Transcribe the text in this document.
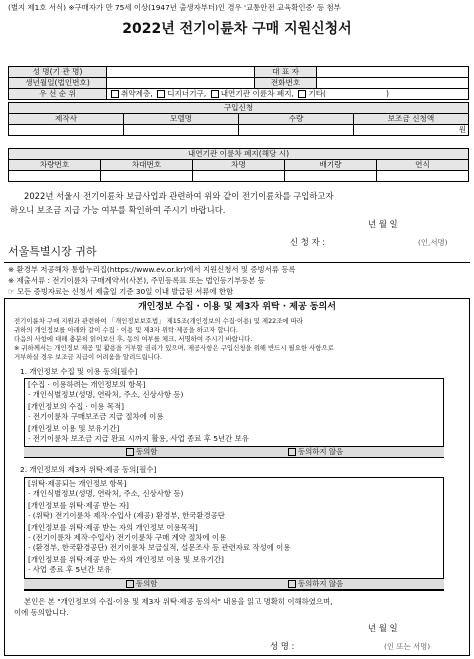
(별지 제1호 서식) ※구매자가 만 75세 이상(1947년 출생자부터)인 경우 '교통안전 교육확인증' 등 첨부
2022년 전기이륜차 구매 지원신청서
성 명(기 관 명)		대 표 자	
생년월일(법인번호)		전화번호	
우 선 순 위	취약계층, 디지너기구, 내연기관 이륜차 폐지, 기타( )		
구입신청			
제작사	모델명	수량	보조금 신청액
			원
내연기관 이륜차 폐지(해당 시)				
차량번호	차대번호	차명	배기량	연식

2022년 서울시 전기이륜차 보급사업과 관련하여 위와 같이 전기이륜차를 구입하고자
하오니 보조금 지급 가능 여부를 확인하여 주시기 바랍니다.
년 월 일
신 청 자 :	(인,서명)
서울특별시장 귀하
※ 환경부 저공해차 통합누리집(https://www.ev.or.kr)에서 지원신청서 및 증빙서류 등록
※ 제출서류 : 전기이륜차 구매계약서(사본), 주민등록표 또는 법인등기부등본 등
☞ 모든 증빙자료는 신청서 제출일 기준 30일 이내 발급된 서류에 한함
개인정보 수집 · 이용 및 제3자 위탁 · 제공 동의서
전기이륜차 구매 지원과 관련하여 「개인정보보호법」 제15조(개인정보의 수집·이용) 및 제22조에 따라
귀하의 개인정보를 아래와 같이 수집 · 이용 및 제3자 위탁·제공을 하고자 합니다.
다음의 사항에 대해 충분히 읽어보신 후, 동의 여부를 체크, 서명하여 주시기 바랍니다.
※ 귀하께서는 개인정보 제공 및 활용을 거부할 권리가 있으며, 제공사항은 구입신청을 위해 반드시 필요한 사항으로
거부하실 경우 보조금 지급이 어려움을 알려드립니다.
1. 개인정보 수집 및 이용 동의[필수]
[수집 · 이용하려는 개인정보의 항목]
· 개인식별정보(성명, 연락처, 주소, 신상사항 등)
[개인정보의 수집 · 이용 목적]
· 전기이륜차 구매보조금 지급 절차에 이용
[개인정보 이용 및 보유기간]
· 전기이륜차 보조금 지급 완료 시까지 활용, 사업 종료 후 5년간 보유
동의함	동의하지 않음
2. 개인정보의 제3자 위탁·제공 동의[필수]
[위탁·제공되는 개인정보 항목]
· 개인식별정보(성명, 연락처, 주소, 신상사항 등)
[개인정보를 위탁·제공 받는 자]
· (위탁) 전기이륜차 제작·수입사 (제공) 환경부, 한국환경공단
[개인정보를 위탁·제공 받는 자의 개인정보 이용목적]
· (전기이륜차 제작·수입사) 전기이륜차 구매 계약 절차에 이용
· (환경부, 한국환경공단) 전기이륜차 보급실적, 설문조사 등 관련자료 작성에 이용
[개인정보를 위탁·제공 받는 자의 개인정보 이용 및 보유기간]
· 사업 종료 후 5년간 보유
동의함	동의하지 않음
본인은 본 "개인정보의 수집·이용 및 제3자 위탁·제공 동의서" 내용을 읽고 명확히 이해하였으며,
이에 동의합니다.
년 월 일
성 명 :	(인 또는 서명)
